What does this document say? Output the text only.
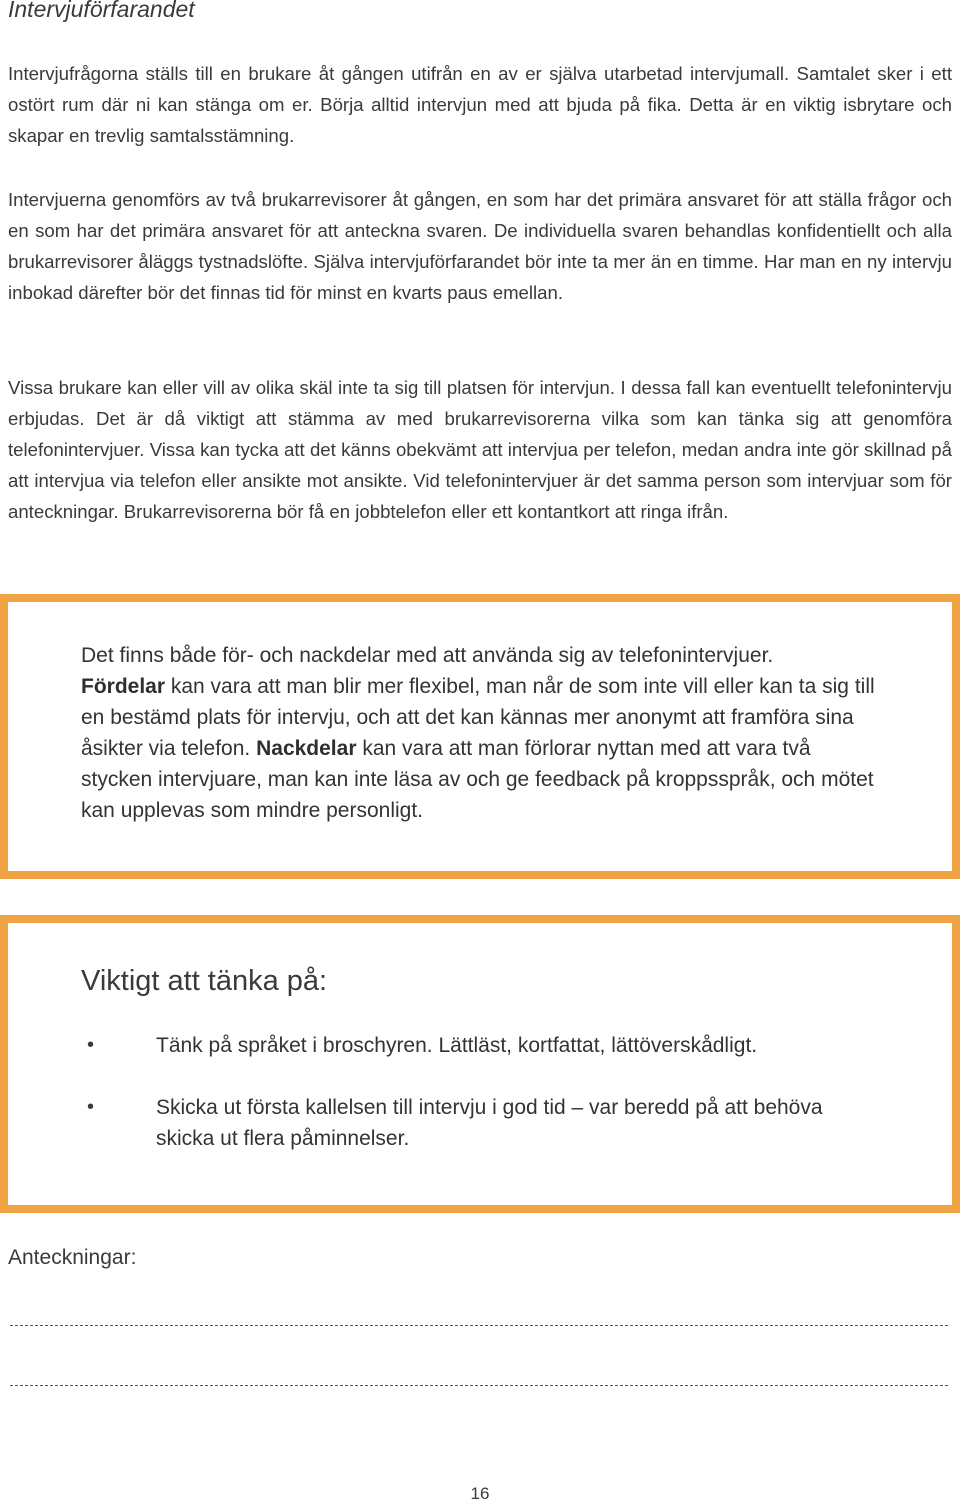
Intervjuförfarandet

Intervjufrågorna ställs till en brukare åt gången utifrån en av er själva utarbetad intervjumall. Samtalet sker i ett ostört rum där ni kan stänga om er. Börja alltid intervjun med att bjuda på fika. Detta är en viktig isbrytare och skapar en trevlig samtalsstämning.

Intervjuerna genomförs av två brukarrevisorer åt gången, en som har det primära ansvaret för att ställa frågor och en som har det primära ansvaret för att anteckna svaren. De individuella svaren behandlas konfidentiellt och alla brukarrevisorer åläggs tystnadslöfte. Själva intervjuförfarandet bör inte ta mer än en timme. Har man en ny intervju inbokad därefter bör det finnas tid för minst en kvarts paus emellan.

Vissa brukare kan eller vill av olika skäl inte ta sig till platsen för intervjun. I dessa fall kan eventuellt telefonintervju erbjudas. Det är då viktigt att stämma av med brukarrevisorerna vilka som kan tänka sig att genomföra telefonintervjuer. Vissa kan tycka att det känns obekvämt att intervjua per telefon, medan andra inte gör skillnad på att intervjua via telefon eller ansikte mot ansikte. Vid telefonintervjuer är det samma person som intervjuar som för anteckningar. Brukarrevisorerna bör få en jobbtelefon eller ett kontantkort att ringa ifrån.

Det finns både för- och nackdelar med att använda sig av telefonintervjuer.
Fördelar kan vara att man blir mer flexibel, man når de som inte vill eller kan ta sig till en bestämd plats för intervju, och att det kan kännas mer anonymt att framföra sina åsikter via telefon. Nackdelar kan vara att man förlorar nyttan med att vara två stycken intervjuare, man kan inte läsa av och ge feedback på kroppsspråk, och mötet kan upplevas som mindre personligt.

Viktigt att tänka på:
•	Tänk på språket i broschyren. Lättläst, kortfattat, lättöverskådligt.
•	Skicka ut första kallelsen till intervju i god tid – var beredd på att behöva skicka ut flera påminnelser.
Anteckningar:
16
